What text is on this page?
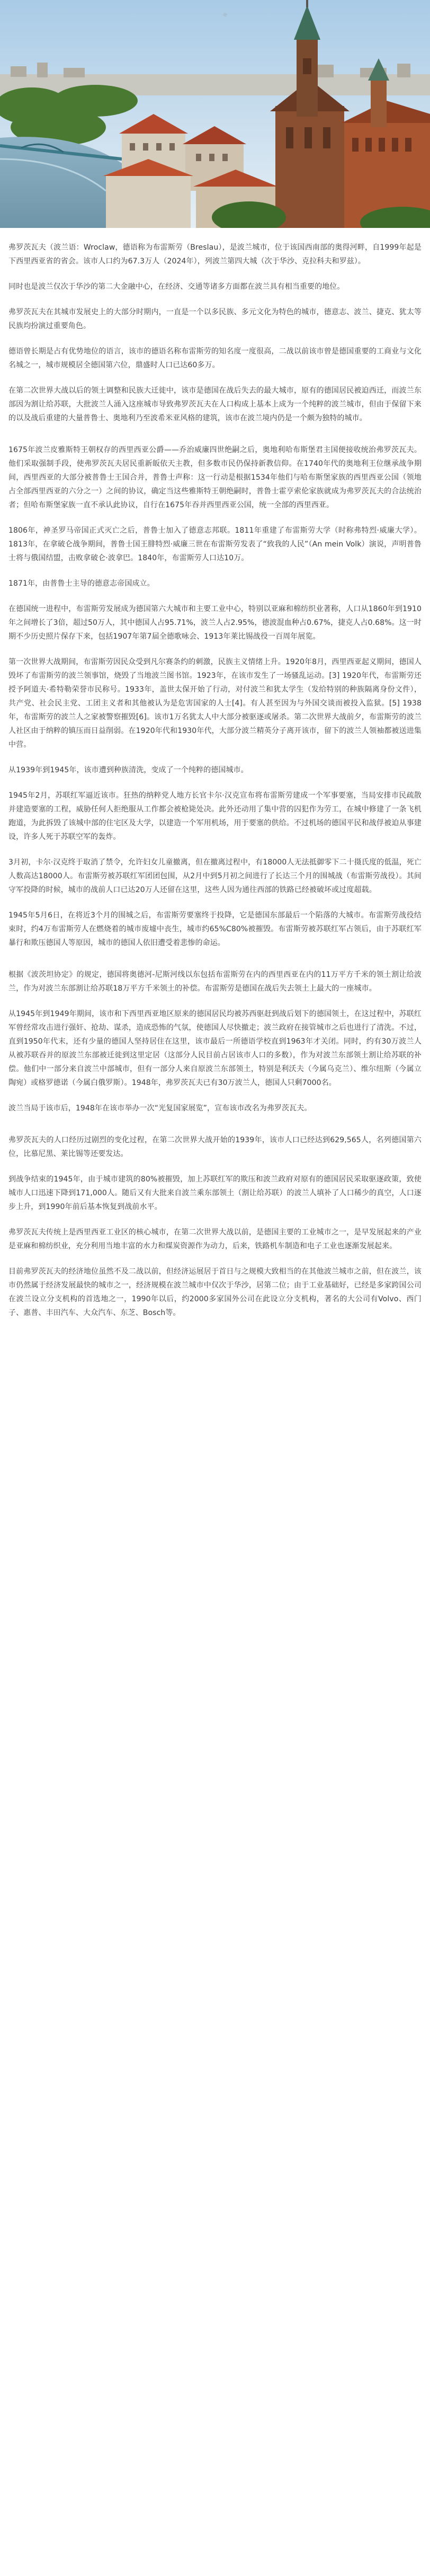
◆

弗罗茨瓦夫（波兰语：Wroclaw，德语称为布雷斯劳（Breslau），是波兰城市，位于该国西南部的奥得河畔，自1999年起是下西里西亚省的省会。该市人口约为67.3万人（2024年），列波兰第四大城（次于华沙、克拉科夫和罗兹）。

同时也是波兰仅次于华沙的第二大金融中心，在经济、交通等诸多方面都在波兰具有相当重要的地位。

弗罗茨瓦夫在其城市发展史上的大部分时期内，一直是一个以多民族、多元文化为特色的城市，德意志、波兰、捷克、犹太等民族均扮演过重要角色。

德语曾长期是占有优势地位的语言，该市的德语名称布雷斯劳的知名度一度很高，二战以前该市曾是德国重要的工商业与文化名城之一，城市规模居全德国第六位，鼎盛时人口已达60多万。

在第二次世界大战以后的领土调整和民族大迁徙中，该市是德国在战后失去的最大城市，原有的德国居民被迫西迁，而波兰东部因为割让给苏联，大批波兰人涌入这座城市导致弗罗茨瓦夫在人口构成上基本上成为一个纯粹的波兰城市，但由于保留下来的以及战后重建的大量普鲁士、奥地利乃至波希米亚风格的建筑，该市在波兰境内仍是一个颇为独特的城市。

1675年波兰皮雅斯特王朝权存的西里西亚公爵——乔治威廉四世绝嗣之后，奥地利哈布斯堡君主国便接收统治弗罗茨瓦夫。他们采取强制手段，使弗罗茨瓦夫居民重新皈依天主教，但多数市民仍保持新教信仰。在1740年代的奥地利王位继承战争期间，西里西亚的大部分被普鲁士王国合并，普鲁士声称：这一行动是根据1534年他们与哈布斯堡家族的西里西亚公国（领地占全部西里西亚的六分之一）之间的协议，确定当这些雅斯特王朝绝嗣时，普鲁士霍亨索伦家族就成为弗罗茨瓦夫的合法统治者；但哈布斯堡家族一直不承认此协议，自行在1675年吞并西里西亚公国，统一全部的西里西亚。

1806年，神圣罗马帝国正式灭亡之后，普鲁士加入了德意志邦联。1811年重建了布雷斯劳大学（时称弗特烈·威廉大学）。1813年，在拿破仑战争期间，普鲁士国王腓特烈·威廉三世在布雷斯劳发表了“致我的人民”（An mein Volk）演说，声明普鲁士将与俄国结盟，击败拿破仑·波拿巴。1840年，布雷斯劳人口达10万。

1871年，由普鲁士主导的德意志帝国成立。

在德国统一进程中，布雷斯劳发展成为德国第六大城市和主要工业中心，特别以亚麻和棉纺织业著称，人口从1860年到1910年之间增长了3倍，超过50万人，其中德国人占95.71%，波兰人占2.95%，德波混血种占0.67%，捷克人占0.68%。这一时期不少历史照片保存下来，包括1907年第7届全德歌咏会、1913年莱比锡战役一百周年展览。

第一次世界大战期间，布雷斯劳因民众受到凡尔赛条约的刺激，民族主义情绪上升。1920年8月，西里西亚起义期间，德国人毁坏了布雷斯劳的波兰领事馆，烧毁了当地波兰图书馆。1923年，在该市发生了一场骚乱运动。[3] 1920年代，布雷斯劳还授予阿道夫·希特勒荣誉市民称号。1933年，盖世太保开始了行动，对付波兰和犹太学生（发给特别的种族隔离身份文件），共产党、社会民主党、工团主义者和其他被认为是危害国家的人士[4]。有人甚至因为与外国交谈而被投入监狱。[5] 1938年，布雷斯劳的波兰人之家被警察摧毁[6]。该市1万名犹太人中大部分被驱逐或屠杀。第二次世界大战前夕，布雷斯劳的波兰人社区由于纳粹的镇压而日益削弱。在1920年代和1930年代，大部分波兰精英分子离开该市，留下的波兰人领袖都被送进集中营。

从1939年到1945年，该市遭到种族清洗，变成了一个纯粹的德国城市。

1945年2月，苏联红军逼近该市。狂热的纳粹党人地方长官卡尔·汉克宣布将布雷斯劳建成一个军事要塞，当局安排市民疏散并建造要塞的工程，威胁任何人拒绝服从工作都会被枪毙处决。此外还动用了集中营的囚犯作为劳工，在城中修建了一条飞机跑道，为此拆毁了该城中部的住宅区及大学，以建造一个军用机场，用于要塞的供给。不过机场的德国平民和战俘被迫从事建设，许多人死于苏联空军的轰炸。

3月初，卡尔·汉克终于取消了禁令，允许妇女儿童撤离，但在撤离过程中，有18000人无法抵御零下二十摄氏度的低温，死亡人数高达18000人。布雷斯劳被苏联红军团团包围，从2月中到5月初之间进行了长达三个月的围城战（布雷斯劳战役）。其间守军投降的时候，城市的战前人口已达20万人还留在这里，这些人因为通往西部的铁路已经被破坏或过度超载。

1945年5月6日，在将近3个月的围城之后，布雷斯劳要塞终于投降，它是德国东部最后一个陷落的大城市。布雷斯劳战役结束时，约4万布雷斯劳人在燃烧着的城市废墟中丧生，城市约65%C80%被摧毁。布雷斯劳被苏联红军占领后，由于苏联红军暴行和欺压德国人等原因，城市的德国人依旧遭受着悲惨的命运。

根据《波茨坦协定》的规定，德国将奥德河-尼斯河线以东包括布雷斯劳在内的西里西亚在内的11万平方千米的领土割让给波兰，作为对波兰东部割让给苏联18万平方千米领土的补偿。布雷斯劳是德国在战后失去领土上最大的一座城市。

从1945年到1949年期间，该市和下西里西亚地区原来的德国居民均被苏西驱赶到战后划下的德国领土，在这过程中，苏联红军曾经常攻击进行强奸、抢劫、谋杀，造成恐怖的气氛，使德国人尽快撤走；波兰政府在接管城市之后也进行了清洗。不过，直到1950年代末，还有少量的德国人坚持居住在这里，该市最后一所德语学校直到1963年才关闭。同时，约有30万波兰人从被苏联吞并的原波兰东部被迁徙到这里定居（这部分人民目前占居该市人口的多数），作为对波兰东部领土割让给苏联的补偿。他们中一部分来自波兰中部城市，但有一部分人来自原波兰东部领土，特别是利沃夫（今属乌克兰）、维尔纽斯（今属立陶宛）或格罗德诺（今属白俄罗斯）。1948年，弗罗茨瓦夫已有30万波兰人，德国人只剩7000名。

波兰当局于该市后，1948年在该市举办一次“光复国家展览”，宣布该市改名为弗罗茨瓦夫。

弗罗茨瓦夫的人口经历过剧烈的变化过程，在第二次世界大战开始的1939年，该市人口已经达到629,565人，名列德国第六位，比慕尼黑、莱比锡等还要发达。

到战争结束的1945年，由于城市建筑的80%被摧毁，加上苏联红军的欺压和波兰政府对原有的德国居民采取驱逐政策，致使城市人口迅速下降到171,000人。随后又有大批来自波兰乘东部领土（割让给苏联）的波兰人填补了人口稀少的真空，人口逐步上升，到1990年前后基本恢复到战前水平。

弗罗茨瓦夫传统上是西里西亚工业区的核心城市，在第二次世界大战以前，是德国主要的工业城市之一，是早发展起来的产业是亚麻和棉纺织业，充分利用当地丰富的水力和煤炭资源作为动力，后来，铁路机车制造和电子工业也逐渐发展起来。

目前弗罗茨瓦夫的经济地位虽然不及二战以前，但经济运展居于首日与之规模大致相当的在其他波兰城市之前，但在波兰，该市仍然属于经济发展最快的城市之一，经济规模在波兰城市中仅次于华沙，居第二位；由于工业基础好，已经是多家跨国公司在波兰设立分支机构的首选地之一，1990年以后，约2000多家国外公司在此设立分支机构，著名的大公司有Volvo、西门子、惠普、丰田汽车、大众汽车、东芝、Bosch等。
